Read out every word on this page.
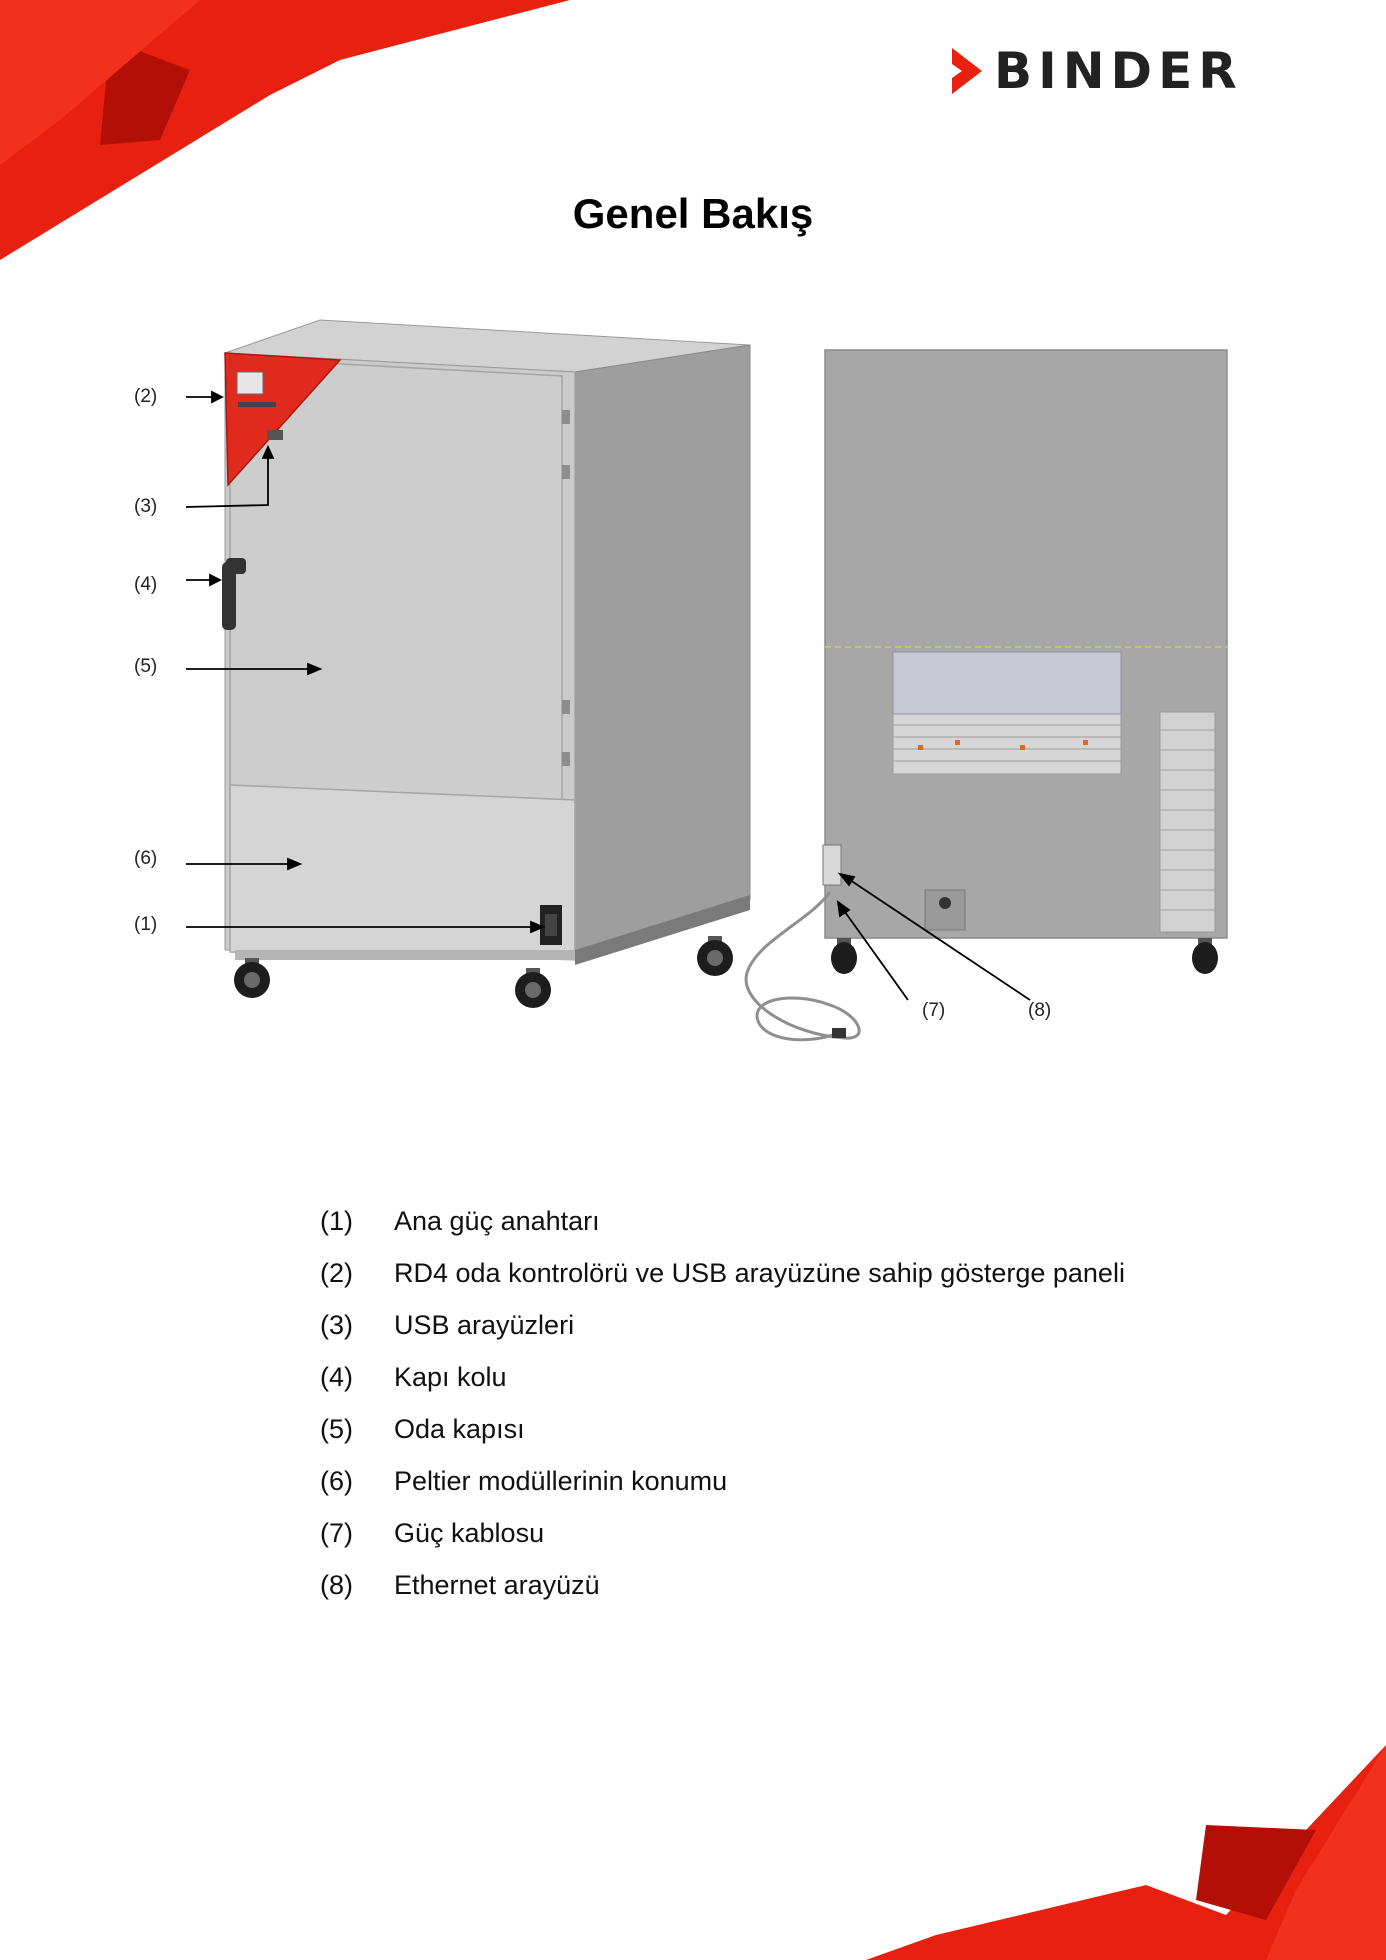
BINDER
Genel Bakış
(2)
(3)
(4)
(5)
(6)
(1)
(7)	(8)
(1) Ana güç anahtarı
(2) RD4 oda kontrolörü ve USB arayüzüne sahip gösterge paneli
(3) USB arayüzleri
(4) Kapı kolu
(5) Oda kapısı
(6) Peltier modüllerinin konumu
(7) Güç kablosu
(8) Ethernet arayüzü
